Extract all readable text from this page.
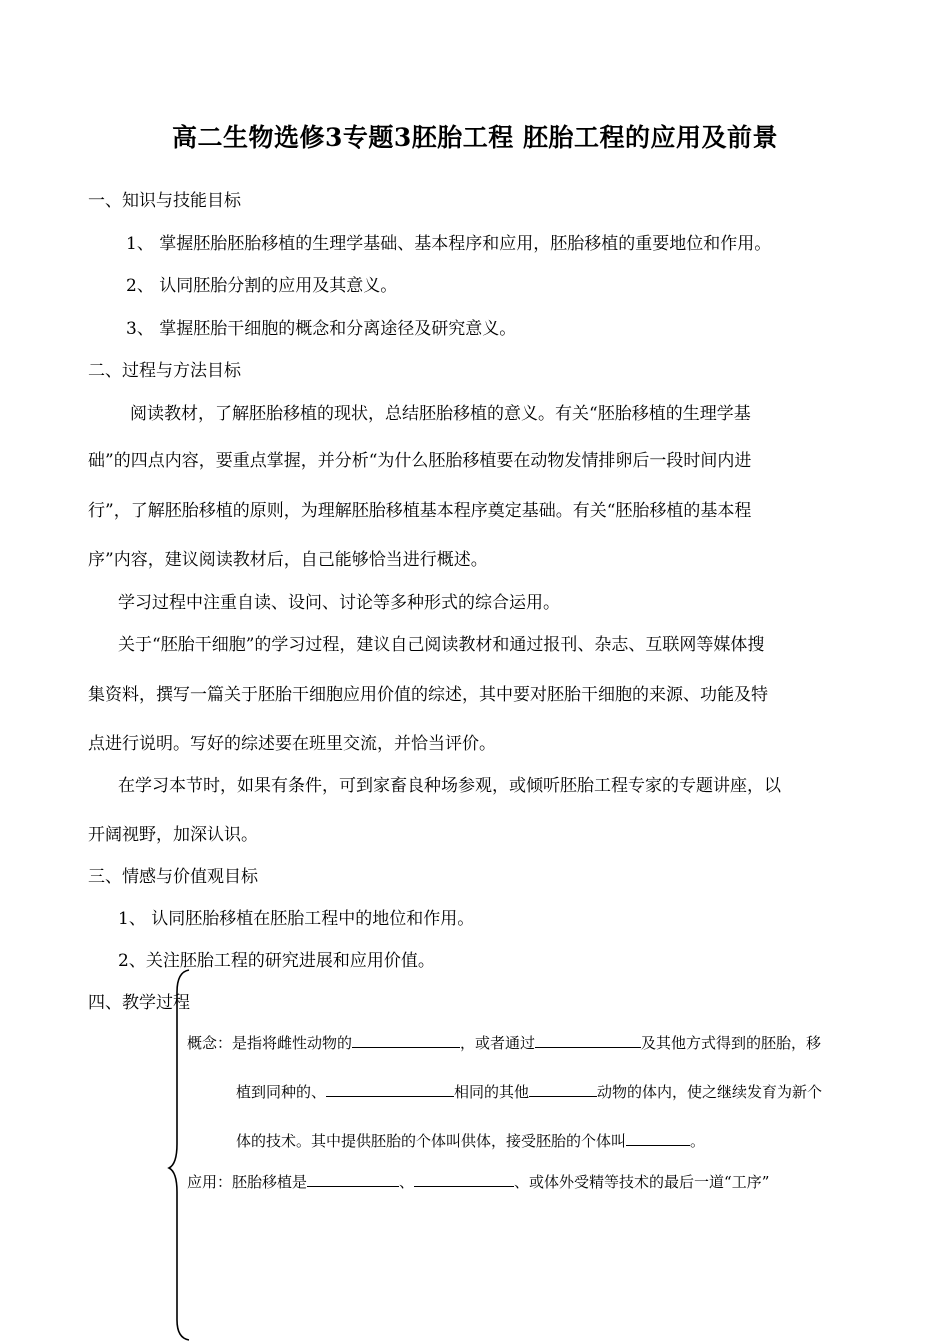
高二生物选修3专题3胚胎工程 胚胎工程的应用及前景
一、知识与技能目标
1、 掌握胚胎胚胎移植的生理学基础、基本程序和应用，胚胎移植的重要地位和作用。
2、 认同胚胎分割的应用及其意义。
3、 掌握胚胎干细胞的概念和分离途径及研究意义。
二、过程与方法目标
阅读教材，了解胚胎移植的现状，总结胚胎移植的意义。有关“胚胎移植的生理学基
础”的四点内容，要重点掌握，并分析“为什么胚胎移植要在动物发情排卵后一段时间内进
行”，了解胚胎移植的原则，为理解胚胎移植基本程序奠定基础。有关“胚胎移植的基本程
序”内容，建议阅读教材后，自己能够恰当进行概述。
学习过程中注重自读、设问、讨论等多种形式的综合运用。
关于“胚胎干细胞”的学习过程，建议自己阅读教材和通过报刊、杂志、互联网等媒体搜
集资料，撰写一篇关于胚胎干细胞应用价值的综述，其中要对胚胎干细胞的来源、功能及特
点进行说明。写好的综述要在班里交流，并恰当评价。
在学习本节时，如果有条件，可到家畜良种场参观，或倾听胚胎工程专家的专题讲座，以
开阔视野，加深认识。
三、情感与价值观目标
1、 认同胚胎移植在胚胎工程中的地位和作用。
2、关注胚胎工程的研究进展和应用价值。
四、教学过程
概念：是指将雌性动物的	，或者通过	及其他方式得到的胚胎，移
植到同种的、	相同的其他	动物的体内，使之继续发育为新个
体的技术。其中提供胚胎的个体叫供体，接受胚胎的个体叫	。
应用：胚胎移植是	、	、或体外受精等技术的最后一道“工序”
